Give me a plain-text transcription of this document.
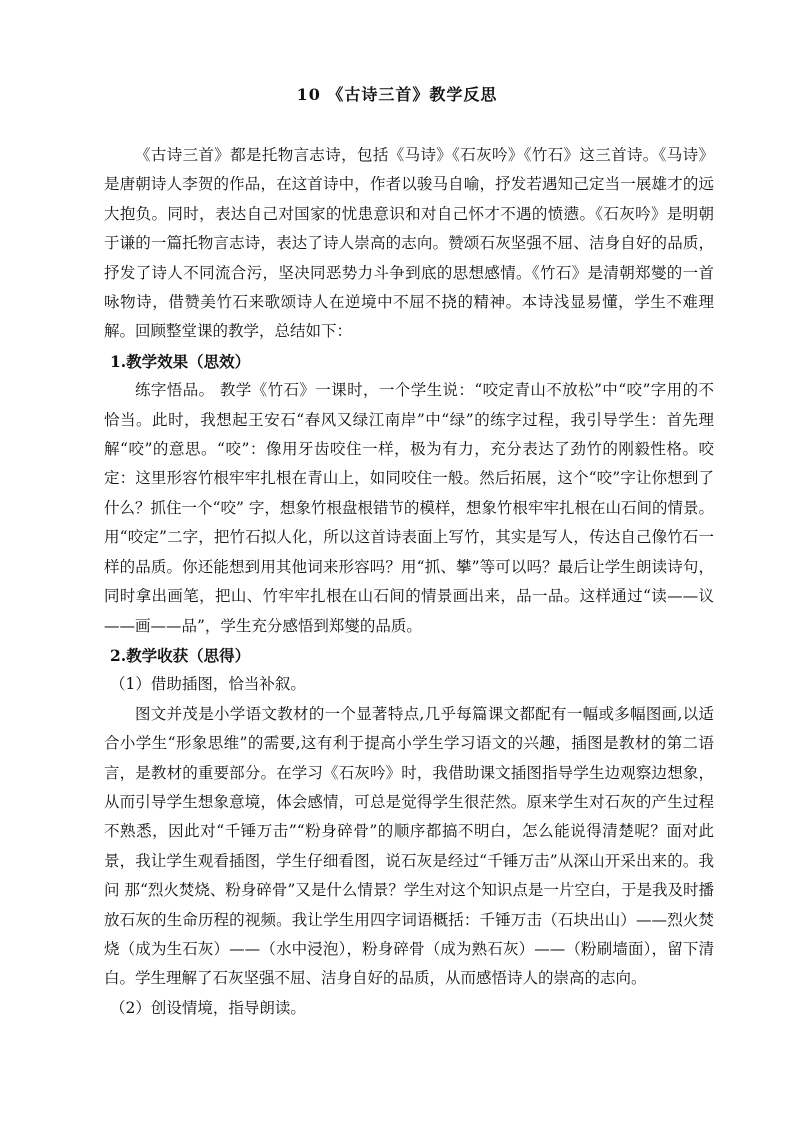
10 《古诗三首》教学反思

《古诗三首》都是托物言志诗，包括《马诗》《石灰吟》《竹石》这三首诗。《马诗》是唐朝诗人李贺的作品，在这首诗中，作者以骏马自喻，抒发若遇知己定当一展雄才的远大抱负。同时，表达自己对国家的忧患意识和对自己怀才不遇的愤懑。《石灰吟》是明朝于谦的一篇托物言志诗，表达了诗人崇高的志向。赞颂石灰坚强不屈、洁身自好的品质，抒发了诗人不同流合污，坚决同恶势力斗争到底的思想感情。《竹石》是清朝郑燮的一首咏物诗，借赞美竹石来歌颂诗人在逆境中不屈不挠的精神。本诗浅显易懂，学生不难理解。回顾整堂课的教学，总结如下：

1.教学效果（思效）

练字悟品。 教学《竹石》一课时，一个学生说：“咬定青山不放松”中“咬”字用的不恰当。此时，我想起王安石“春风又绿江南岸”中“绿”的练字过程，我引导学生：首先理解“咬”的意思。“咬”：像用牙齿咬住一样，极为有力，充分表达了劲竹的刚毅性格。咬定：这里形容竹根牢牢扎根在青山上，如同咬住一般。然后拓展，这个“咬”字让你想到了什么？抓住一个“咬” 字，想象竹根盘根错节的模样，想象竹根牢牢扎根在山石间的情景。用“咬定”二字，把竹石拟人化，所以这首诗表面上写竹，其实是写人，传达自己像竹石一样的品质。你还能想到用其他词来形容吗？用“抓、攀”等可以吗？最后让学生朗读诗句，同时拿出画笔，把山、竹牢牢扎根在山石间的情景画出来，品一品。这样通过“读——议——画——品”，学生充分感悟到郑燮的品质。

2.教学收获（思得）

（1）借助插图，恰当补叙。

图文并茂是小学语文教材的一个显著特点,几乎每篇课文都配有一幅或多幅图画,以适合小学生“形象思维”的需要,这有利于提高小学生学习语文的兴趣，插图是教材的第二语言，是教材的重要部分。在学习《石灰吟》时，我借助课文插图指导学生边观察边想象，从而引导学生想象意境，体会感情，可总是觉得学生很茫然。原来学生对石灰的产生过程不熟悉，因此对“千锤万击”“粉身碎骨”的顺序都搞不明白，怎么能说得清楚呢？面对此景，我让学生观看插图，学生仔细看图，说石灰是经过“千锤万击”从深山开采出来的。我问 那“烈火焚烧、粉身碎骨”又是什么情景？学生对这个知识点是一片空白，于是我及时播放石灰的生命历程的视频。我让学生用四字词语概括：千锤万击（石块出山）——烈火焚烧（成为生石灰）——（水中浸泡），粉身碎骨（成为熟石灰）——（粉刷墙面），留下清白。学生理解了石灰坚强不屈、洁身自好的品质，从而感悟诗人的崇高的志向。

（2）创设情境，指导朗读。
